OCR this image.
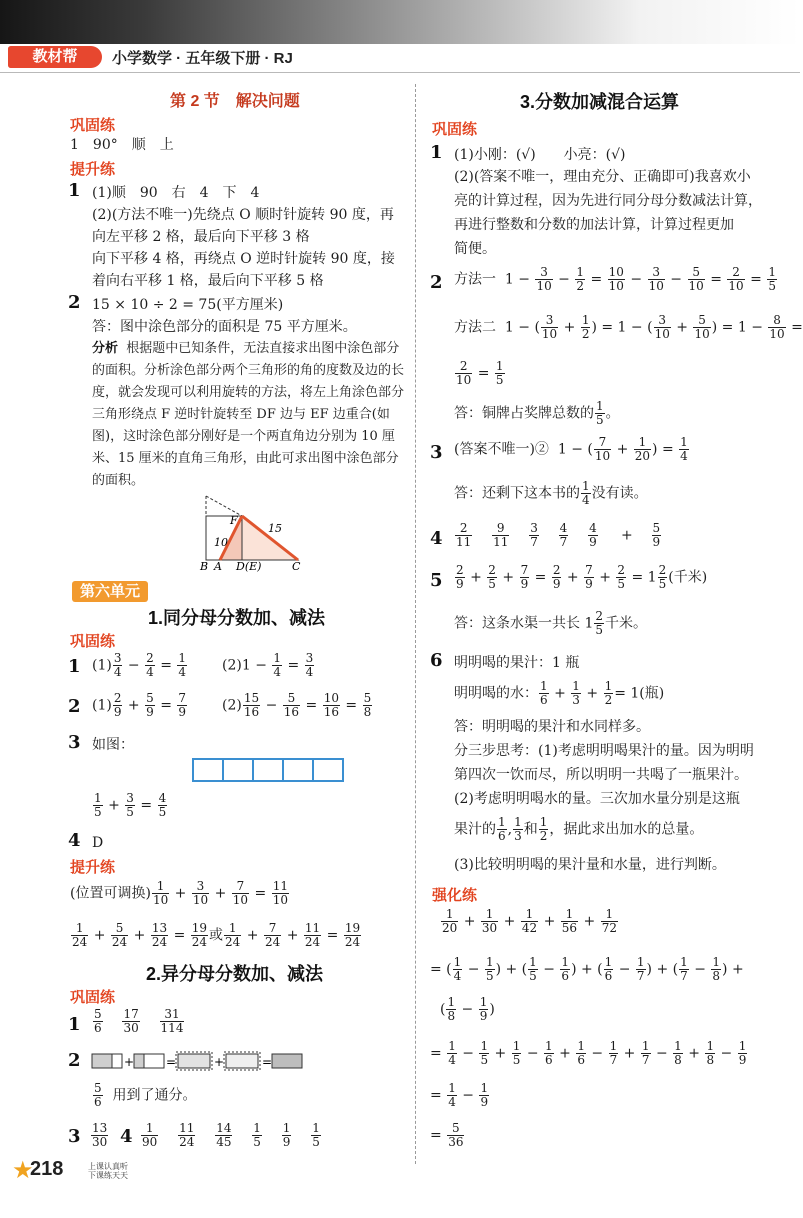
教材帮	小学数学 · 五年级下册 · RJ
第 2 节　解决问题
巩固练
1　90°　顺　上
提升练
1 (1)顺　90　右　4　下　4
(2)(方法不唯一)先绕点 O 顺时针旋转 90 度，再
向左平移 2 格，最后向下平移 3 格
向下平移 4 格，再绕点 O 逆时针旋转 90 度，接
着向右平移 1 格，最后向下平移 5 格
2 15 × 10 ÷ 2 = 75(平方厘米)
答：图中涂色部分的面积是 75 平方厘米。
分析 根据题中已知条件，无法直接求出图中涂色部分的面积。分析涂色部分两个三角形的角的度数及边的长度，就会发现可以利用旋转的方法，将左上角涂色部分三角形绕点 F 逆时针旋转至 DF 边与 EF 边重合(如图)，这时涂色部分刚好是一个两直角边分别为 10 厘米、15 厘米的直角三角形，由此可求出图中涂色部分的面积。
B A D(E)	C
F
10
15
第六单元
1.同分母分数加、减法
巩固练
1 $(1) \frac{3}{4} - \frac{2}{4} = \frac{1}{4} (2)1 - \frac{1}{4} = \frac{3}{4}$
2 $(1) \frac{2}{9} + \frac{5}{9} = \frac{7}{9} (2) \frac{15}{16} - \frac{5}{16} = \frac{10}{16} = \frac{5}{8}$
3 如图：
$\frac{1}{5} + \frac{3}{5} = \frac{4}{5}$
4 D
提升练
(位置可调换) $\frac{1}{10} + \frac{3}{10} + \frac{7}{10} = \frac{11}{10}$
$\frac{1}{24} + \frac{5}{24} + \frac{13}{24} = \frac{19}{24}$ 或 $\frac{1}{24} + \frac{7}{24} + \frac{11}{24} = \frac{19}{24}$
2.异分母分数加、减法
巩固练
$1 \frac{5}{6}$
$\frac{17}{30}$
$\frac{31}{114}$
2	+	=	+	=
$\frac{5}{6}$ 用到了通分。
$3 \frac{13}{30} 4 \frac{1}{90}$
$\frac{11}{24}$
$\frac{14}{45}$
$\frac{1}{5}$
$\frac{1}{9}$
$\frac{1}{5}$
★
218	上课认真听
下课练天天
3.分数加减混合运算
巩固练
1 (1)小刚：(√)　　小亮：(√)
(2)(答案不唯一，理由充分、正确即可)我喜欢小
亮的计算过程，因为先进行同分母分数减法计算，
再进行整数和分数的加法计算，计算过程更加
简便。
2 方法一  $1 - \frac{3}{10} - \frac{1}{2} = \frac{10}{10} - \frac{3}{10} - \frac{5}{10} = \frac{2}{10} = \frac{1}{5}$
方法二  1 − ( $\frac{3}{10} + \frac{1}{2}$ ) = 1 − ( $\frac{3}{10} + \frac{5}{10}$ ) = $1 - \frac{8}{10}$ =
$\frac{2}{10} = \frac{1}{5}$
答：铜牌占奖牌总数的 $\frac{1}{5}$ 。
3 (答案不唯一)②  1 − ( $\frac{7}{10} + \frac{1}{20}$ ) = $\frac{1}{4}$
答：还剩下这本书的 $\frac{1}{4}$ 没有读。
$4 \frac{2}{11}$
$\frac{9}{11}$
$\frac{3}{7}$
$\frac{4}{7}$
$\frac{4}{9} + \frac{5}{9}$
$5 \frac{2}{9} + \frac{2}{5} + \frac{7}{9} = \frac{2}{9} + \frac{7}{9} + \frac{2}{5} = 1 \frac{2}{5}$ (千米)
答：这条水渠一共长 $1 \frac{2}{5}$ 千米。
6 明明喝的果汁：1 瓶
明明喝的水： $\frac{1}{6} + \frac{1}{3} + \frac{1}{2} = 1$(瓶)
答：明明喝的果汁和水同样多。
分三步思考：(1)考虑明明喝果汁的量。因为明明
第四次一饮而尽，所以明明一共喝了一瓶果汁。
(2)考虑明明喝水的量。三次加水量分别是这瓶
果汁的 $\frac{1}{6}$ , $\frac{1}{3}$ 和 $\frac{1}{2}$ ，据此求出加水的总量。
(3)比较明明喝的果汁量和水量，进行判断。
强化练
$\frac{1}{20} + \frac{1}{30} + \frac{1}{42} + \frac{1}{56} + \frac{1}{72}$
= ( $\frac{1}{4} - \frac{1}{5}$ ) + ( $\frac{1}{5} - \frac{1}{6}$ ) + ( $\frac{1}{6} - \frac{1}{7}$ ) + ( $\frac{1}{7} - \frac{1}{8}$ ) +
( $\frac{1}{8} - \frac{1}{9}$ )
= $\frac{1}{4} - \frac{1}{5} + \frac{1}{5} - \frac{1}{6} + \frac{1}{6} - \frac{1}{7} + \frac{1}{7} - \frac{1}{8} + \frac{1}{8} - \frac{1}{9}$
= $\frac{1}{4} - \frac{1}{9}$
= $\frac{5}{36}$
